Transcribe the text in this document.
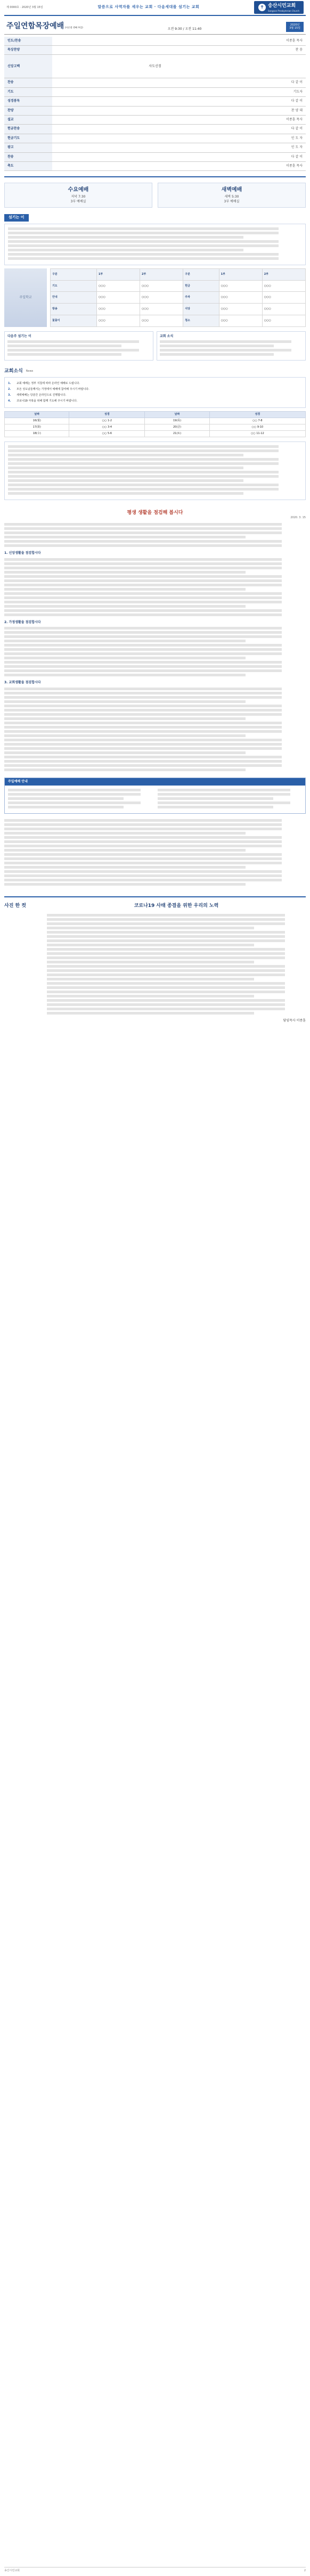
제 0000호 · 2020년 3월 15일	말씀으로 사역자를 세우는 교회 · 다음세대를 섬기는 교회	✝ 송산시민교회
Songsan Presbyterian Church
주일연합목장예배 (사순절 넷째 주일)	오전 9:30 / 오전 11:40
2020년
3월 15일
인도/찬송		이종훈 목사
묵상찬양		찬 송
신앙고백	사도신경	
찬송		다 같 이
기도		기도자
성경봉독		다 같 이
찬양		찬 양 대
설교		이종훈 목사
헌금찬송		다 같 이
헌금기도		인 도 자
광고		인 도 자
찬송		다 같 이
축도		이종훈 목사
수요예배
저녁 7:30
3부 예배실
새벽예배
새벽 5:30
3부 예배실
섬기는 이
주일학교
구분	1부	2부	구분	1부	2부
기도	○○○	○○○	헌금	○○○	○○○
안내	○○○	○○○	주차	○○○	○○○
방송	○○○	○○○	식당	○○○	○○○
꽃꽂이	○○○	○○○	청소	○○○	○○○
다음주 섬기는 이	교회 소식
교회소식 News
1.	교회 예배는 정부 지침에 따라 온라인 예배로 드립니다.
2.	모든 성도님들께서는 가정에서 예배에 참여해 주시기 바랍니다.
3.	새벽예배는 당분간 온라인으로 진행합니다.
4.	코로나19 극복을 위해 함께 기도해 주시기 바랍니다.
날짜	성경	날짜	성경
16(월)	○○ 1-2	19(목)	○○ 7-8
17(화)	○○ 3-4	20(금)	○○ 9-10
18(수)	○○ 5-6	21(토)	○○ 11-12
평생 생활을 점검해 봅시다
2020. 3. 15
1. 신앙생활을 점검합시다
2. 가정생활을 점검합시다
3. 교회생활을 점검합시다
주일예배 안내
사진 한 컷	코로나19 사태 종결을 위한 우리의 노력
담임목사 이종훈
송산시민교회	2
